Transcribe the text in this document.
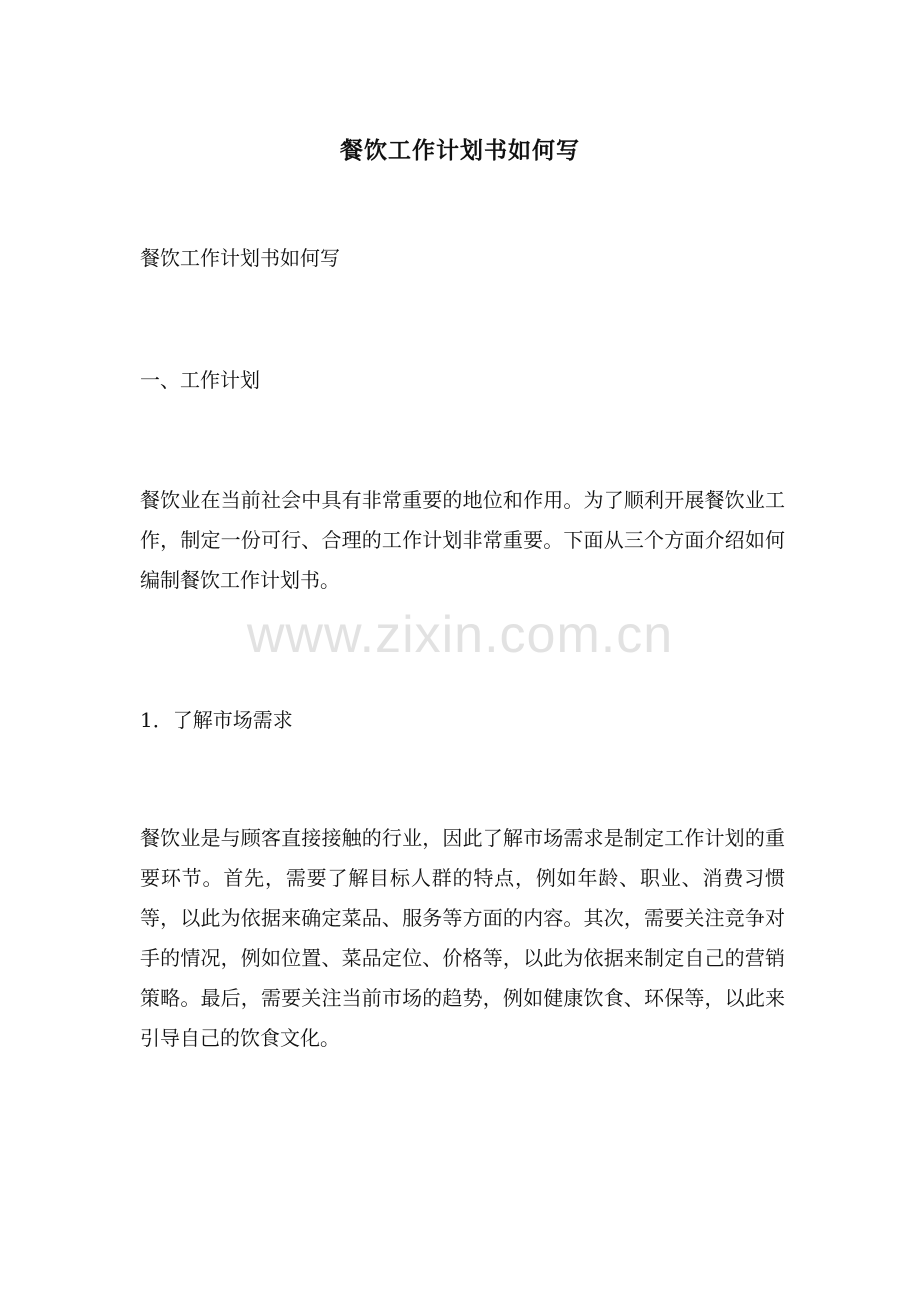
餐饮工作计划书如何写

餐饮工作计划书如何写

一、工作计划

餐饮业在当前社会中具有非常重要的地位和作用。为了顺利开展餐饮业工作，制定一份可行、合理的工作计划非常重要。下面从三个方面介绍如何编制餐饮工作计划书。

1．了解市场需求

餐饮业是与顾客直接接触的行业，因此了解市场需求是制定工作计划的重要环节。首先，需要了解目标人群的特点，例如年龄、职业、消费习惯等，以此为依据来确定菜品、服务等方面的内容。其次，需要关注竞争对手的情况，例如位置、菜品定位、价格等，以此为依据来制定自己的营销策略。最后，需要关注当前市场的趋势，例如健康饮食、环保等，以此来引导自己的饮食文化。

www.zixin.com.cn
